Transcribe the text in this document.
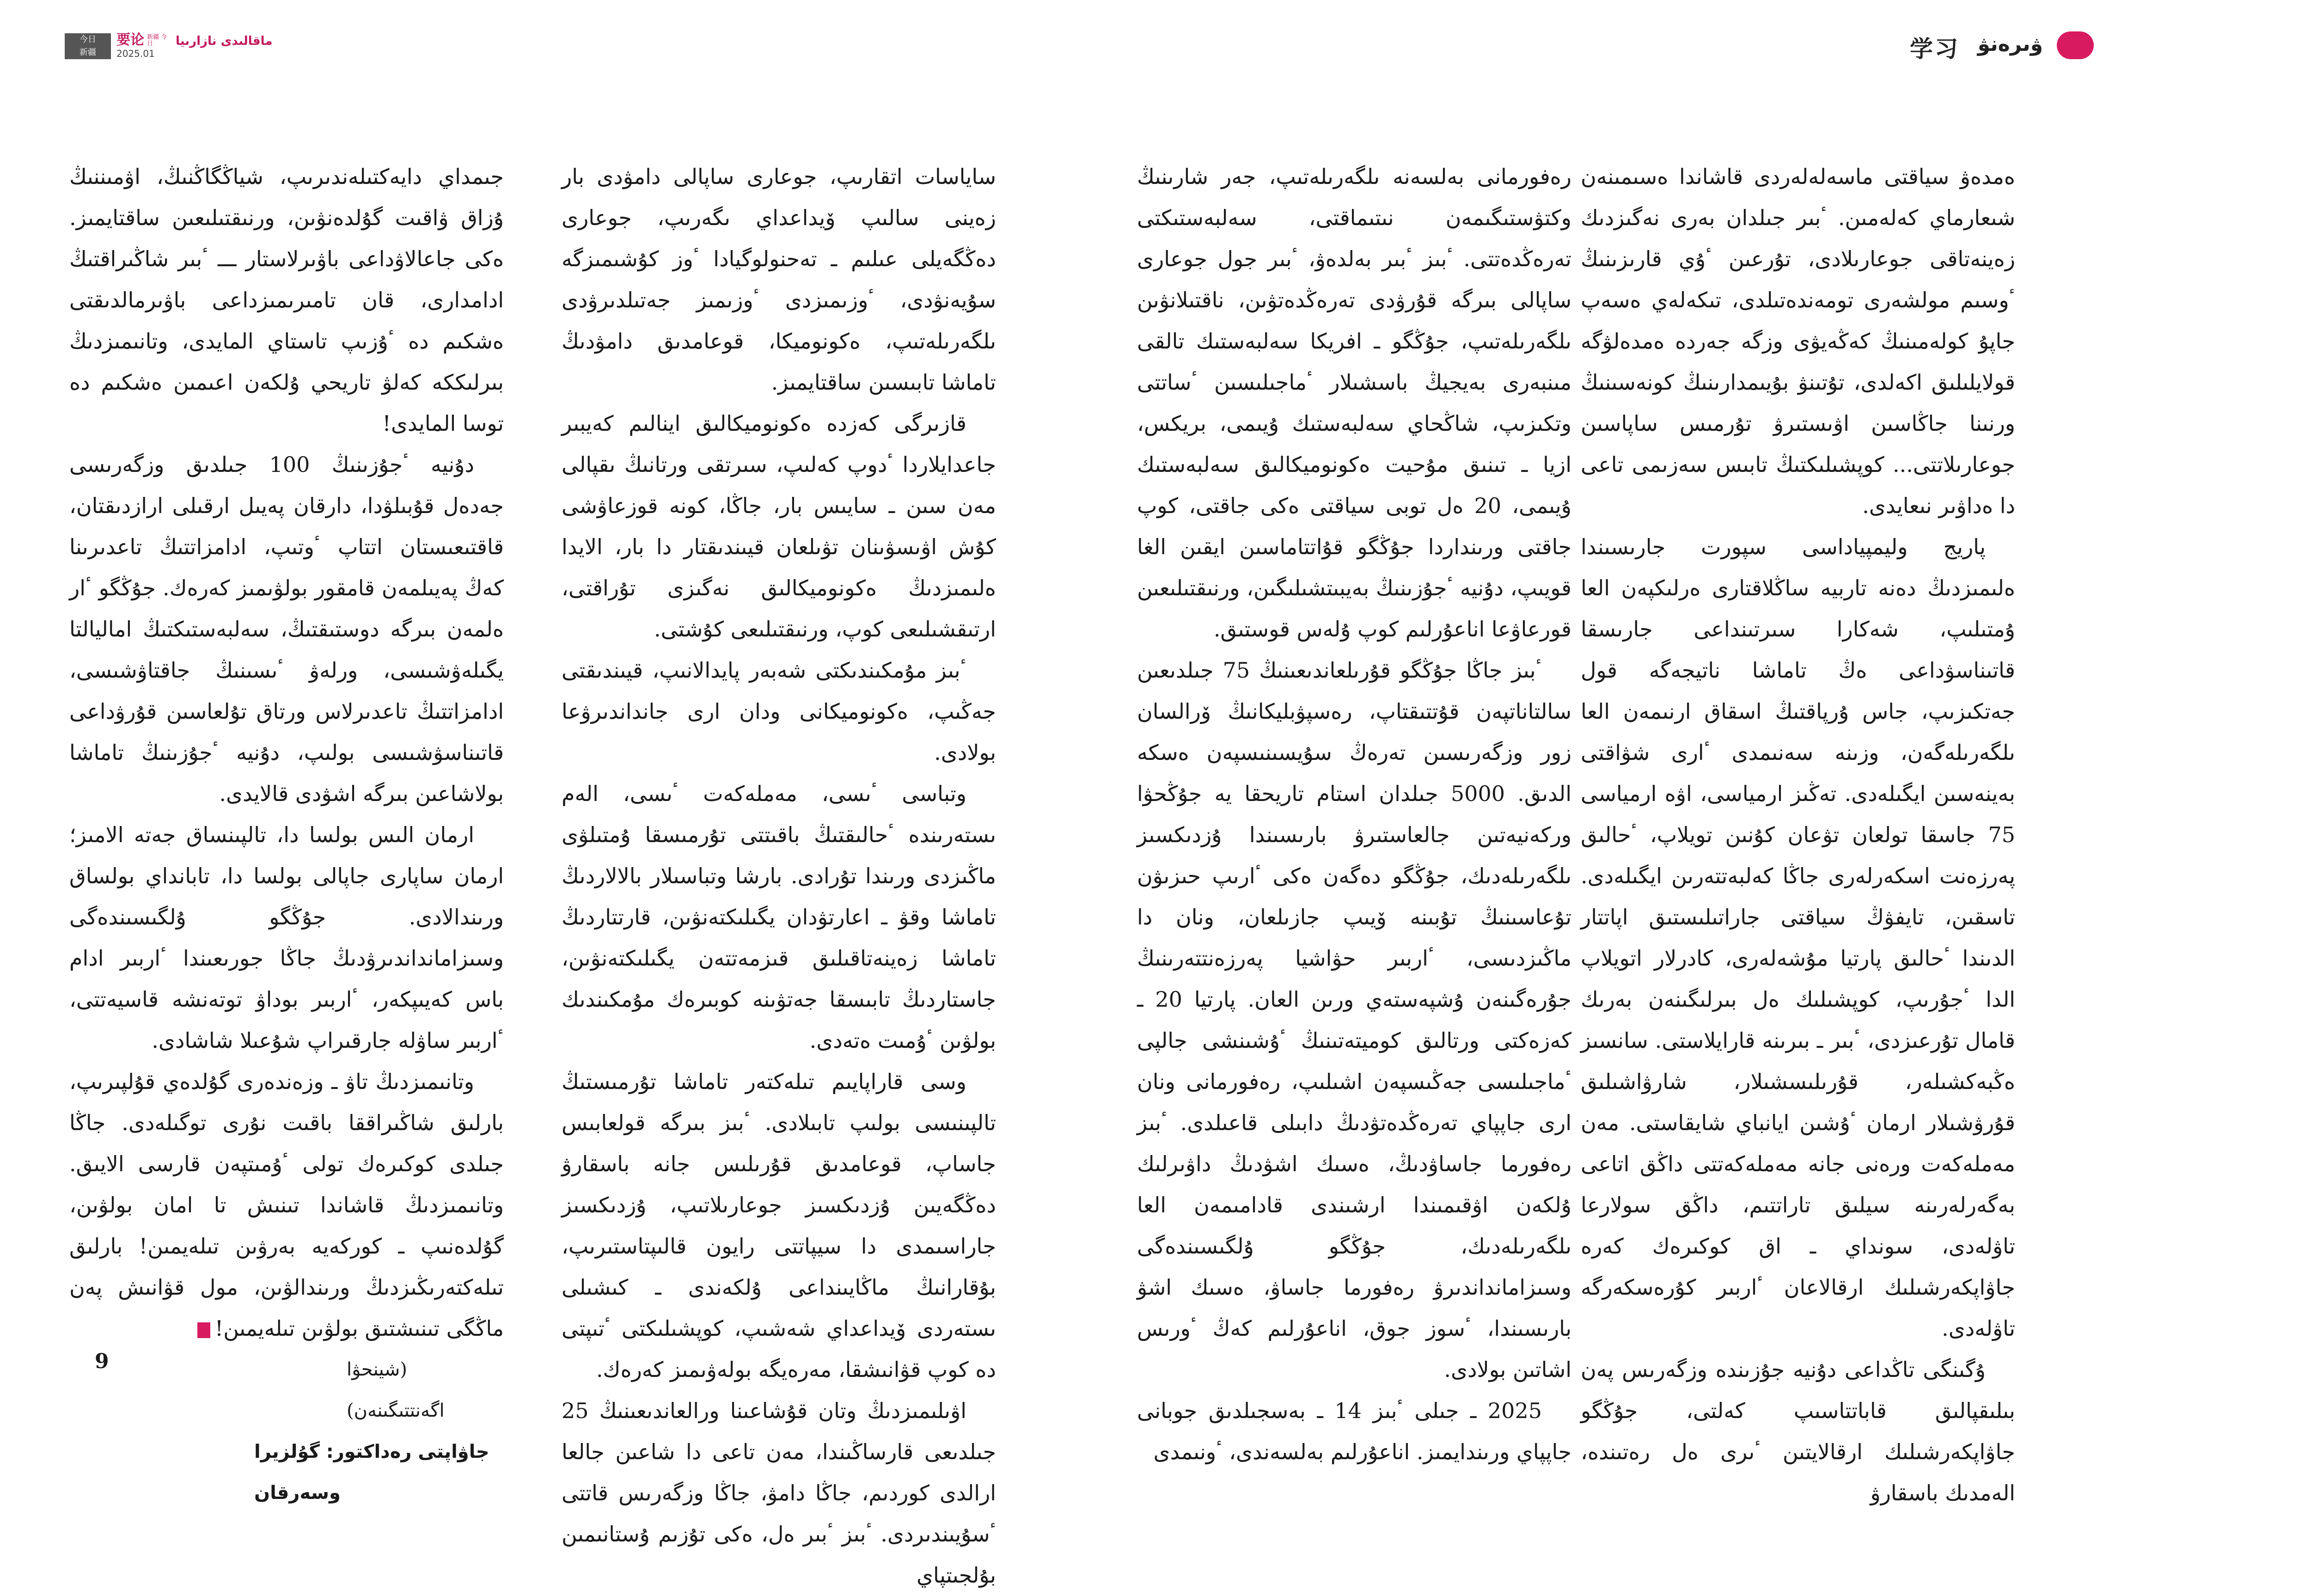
今日
新疆
要论 新疆 今日
2025.01
ماقالىدى نازارىيا

جىمداي دايەكتىلەندىرىپ، شياڭگاڭنىڭ، اۋمىننىڭ ۇزاق ۋاقىت گۇلدەنۋىن، ورنىقتىلىعىن ساقتايمىز. ەكى جاعالاۋداعى باۋىرلاستار ـــ ٴبىر شاڭىراقتىڭ ادامدارى، قان تامىرىمىزداعى باۋىرمالدىقتى ەشكىم دە ٴۇزىپ تاستاي المايدى، وتانىمىزدىڭ بىرلىككە كەلۋ تاريحي ۇلكەن اعىمىن ەشكىم دە توسا المايدى!

دۇنيە ٴجۇزىنىڭ 100 جىلدىق وزگەرىسى جەدەل قۇبىلۋدا، دارقان پەيىل ارقىلى ارازدىقتان، قاقتىعىستان اتتاپ ٴوتىپ، ادامزاتتىڭ تاعدىرىنا كەڭ پەيىلمەن قامقور بولۋىمىز كەرەك. جۇڭگو ٴار ەلمەن بىرگە دوستىقتىڭ، سەلبەستىكتىڭ اماليالتا يگىلەۋشىسى، ورلەۋ ٴىسىنىڭ جاقتاۋشىسى، ادامزاتتىڭ تاعدىرلاس ورتاق تۇلعاسىن قۇرۋداعى قاتىناسۋشىسى بولىپ، دۇنيە ٴجۇزىنىڭ تاماشا بولاشاعىن بىرگە اشۋدى قالايدى.

ارمان الىس بولسا دا، تالپىنساق جەتە الامىز؛ ارمان ساپارى جاپالى بولسا دا، تابانداي بولساق ورىندالادى. جۇڭگو ۇلگىسىندەگى وسىزامانداندىرۋدىڭ جاڭا جورىعىندا ٴاربىر ادام باس كەيىپكەر، ٴاربىر بوداۋ توتەنشە قاسيەتتى، ٴاربىر ساۋلە جارقىراپ شۇعىلا شاشادى.

وتانىمىزدىڭ تاۋ ـ وزەندەرى گۇلدەي قۇلپىرىپ، بارلىق شاڭىراققا باقىت نۇرى توگىلەدى. جاڭا جىلدى كوكىرەك تولى ٴۇمىتپەن قارسى الايىق. وتانىمىزدىڭ قاشاندا تىنىش تا امان بولۋىن، گۇلدەنىپ ـ كوركەيە بەرۋىن تىلەيمىن! بارلىق تىلەكتەرىڭىزدىڭ ورىندالۋىن، مول قۋانىش پەن ماڭگى تىنىشتىق بولۋىن تىلەيمىن!J

(شينحۋا اگەنتتىگىنەن)

جاۋاپتى رەداكتور: گۇلزيرا وسەرقان

ساياسات اتقارىپ، جوعارى ساپالى دامۋدى بار زەينى سالىپ ۆيداعداي ىگەرىپ، جوعارى دەڭگەيلى عىلىم ـ تەحنولوگيادا ٴوز كۇشىمىزگە سۇيەنۋدى، ٴوزىمىزدى ٴوزىمىز جەتىلدىرۋدى ىلگەرىلەتىپ، ەكونوميكا، قوعامدىق دامۋدىڭ تاماشا تابىسىن ساقتايمىز.

قازىرگى كەزدە ەكونوميكالىق اينالىم كەيبىر جاعدايلاردا ٴدوپ كەلىپ، سىرتقى ورتانىڭ ىقپالى مەن سىن ـ سايىس بار، جاڭا، كونە قوزعاۋشى كۇش اۋىسۋىنان تۋىلعان قيىندىقتار دا بار، الايدا ەلىمىزدىڭ ەكونوميكالىق نەگىزى تۇراقتى، ارتىقشىلىعى كوپ، ورنىقتىلىعى كۇشتى.

ٴبىز مۇمكىندىكتى شەبەر پايدالانىپ، قيىندىقتى جەڭىپ، ەكونوميكانى ودان ارى جانداندىرۋعا بولادى.

وتباسى ٴىسى، مەملەكەت ٴىسى، الەم ىستەرىندە ٴحالىقتىڭ باقىتتى تۇرمىسقا ۇمتىلۋى ماڭىزدى ورىندا تۇرادى. بارشا وتباسىلار بالالاردىڭ تاماشا وقۋ ـ اعارتۋدان يگىلىكتەنۋىن، قارتتاردىڭ تاماشا زەينەتاقىلىق قىزمەتتەن يگىلىكتەنۋىن، جاستاردىڭ تابىسقا جەتۋىنە كوبىرەك مۇمكىندىك بولۋىن ٴۇمىت ەتەدى.

وسى قاراپايىم تىلەكتەر تاماشا تۇرمىستىڭ تالپىنىسى بولىپ تابىلادى. ٴبىز بىرگە قولعابىس جاساپ، قوعامدىق قۇرىلىس جانە باسقارۋ دەڭگەيىن ۇزدىكسىز جوعارىلاتىپ، ۇزدىكسىز جاراسىمدى دا سيپاتتى رايون قالىپتاستىرىپ، بۇقارانىڭ ماڭايىنداعى ۇلكەندى ـ كىشىلى ىستەردى ۆيداعداي شەشىپ، كوپشىلىكتى ٴتىپتى دە كوپ قۋانىشقا، مەرەيگە بولەۋىمىز كەرەك.

اۋىلىمىزدىڭ وتان قۇشاعىنا ورالعاندىعىنىڭ 25 جىلدىعى قارساڭىندا، مەن تاعى دا شاعىن جالعا ارالدى كوردىم، جاڭا دامۋ، جاڭا وزگەرىس قاتتى ٴسۇيىندىردى. ٴبىز ٴبىر ەل، ەكى تۇزىم ۇستانىمىن بۇلجىتپاي

9
学习 ۋىرەنۋ

رەفورمانى بەلسەنە ىلگەرىلەتىپ، جەر شارىنىڭ وكتۋستىگىمەن نىتىماقتى، سەلبەستىكتى تەرەڭدەتتى. ٴبىز ٴبىر بەلدەۋ، ٴبىر جول جوعارى ساپالى بىرگە قۇرۋدى تەرەڭدەتۋىن، ناقتىلانۋىن ىلگەرىلەتىپ، جۇڭگو ـ افريكا سەلبەستىك تالقى مىنبەرى بەيجيڭ باسشىلار ٴماجىلىسىن ٴساتتى وتكىزىپ، شاڭحاي سەلبەستىك ۇيىمى، بريكس، ازيا ـ تىنىق مۇحيت ەكونوميكالىق سەلبەستىك ۇيىمى، 20 ەل توبى سياقتى ەكى جاقتى، كوپ جاقتى ورىنداردا جۇڭگو قۇاتتاماسىن ايقىن الغا قويىپ، دۇنيە ٴجۇزىنىڭ بەيبىتشىلىگىن، ورنىقتىلىعىن قورعاۋعا اناعۇرلىم كوپ ۇلەس قوستىق.

ٴبىز جاڭا جۇڭگو قۇرىلعاندىعىنىڭ 75 جىلدىعىن سالتاناتپەن قۇتتىقتاپ، رەسپۋبليكانىڭ ۆرالسان زور وزگەرىسىن تەرەڭ سۇيسىنىسپەن ەسكە الدىق. 5000 جىلدان استام تاريحقا يە جۇڭحۋا وركەنيەتىن جالعاستىرۋ بارىسىندا ۇزدىكسىز ىلگەرىلەدىك، جۇڭگو دەگەن ەكى ٴارىپ حىزىۋن تۇعاسىنىڭ تۇبىنە ۆيىپ جازىلعان، ونان دا ماڭىزدىسى، ٴاربىر حۋاشيا پەرزەنتتەرىنىڭ جۇرەگىنەن ۇشپەستەي ورىن العان. پارتيا 20 ـ كەزەكتى ورتالىق كوميتەتىنىڭ ٴۇشىنشى جالپى ٴماجىلىسى جەڭىسپەن اشىلىپ، رەفورمانى ونان ارى جاپپاي تەرەڭدەتۋدىڭ دابىلى قاعىلدى. ٴبىز رەفورما جاساۋدىڭ، ەسىك اشۋدىڭ داۋىرلىك ۇلكەن اۋقىمىندا ارشىندى قادامىمەن العا ىلگەرىلەدىك، جۇڭگو ۇلگىسىندەگى وسىزامانداندىرۋ رەفورما جاساۋ، ەسىك اشۋ بارىسىندا، ٴسوز جوق، اناعۇرلىم كەڭ ٴورىس اشاتىن بولادى.

2025 ـ جىلى ٴبىز 14 ـ بەسجىلدىق جوبانى جاپپاي ورىندايمىز. اناعۇرلىم بەلسەندى، ٴونىمدى

ەمدەۋ سياقتى ماسەلەلەردى قاشاندا ەسىمىنەن شىعارماي كەلەمىن. ٴبىر جىلدان بەرى نەگىزدىك زەينەتاقى جوعارىلادى، تۇرعىن ٴۇي قارىزىنىڭ ٴوسىم مولشەرى تومەندەتىلدى، تىكەلەي ەسەپ جاپۇ كولەمىنىڭ كەڭەيۋى وزگە جەردە ەمدەلۋگە قولايلىلىق اكەلدى، تۇتىنۋ بۇيىمدارىنىڭ كونەسىنىڭ ورنىنا جاڭاسىن اۋىستىرۋ تۇرمىس ساپاسىن جوعارىلاتتى... كوپشىلىكتىڭ تابىس سەزىمى تاعى دا ەداۋىر نىعايدى.

پاريج وليمپياداسى سپورت جارىسىندا ەلىمىزدىڭ دەنە تاربيە ساڭلاقتارى ەرلىكپەن العا ۇمتىلىپ، شەكارا سىرتىنداعى جارىسقا قاتىناسۋداعى ەڭ تاماشا ناتيجەگە قول جەتكىزىپ، جاس ۇرپاقتىڭ اسقاق ارنىمەن العا ىلگەرىلەگەن، وزىنە سەنىمدى ٴارى شۋاقتى بەينەسىن ايگىلەدى. تەڭىز ارمياسى، اۋە ارمياسى 75 جاسقا تولعان تۋعان كۇنىن تويلاپ، ٴحالىق پەرزەنت اسكەرلەرى جاڭا كەلبەتتەرىن ايگىلەدى. تاسقىن، تايفۋڭ سياقتى جاراتىلىستىق اپاتتار الدىندا ٴحالىق پارتيا مۇشەلەرى، كادرلار اتويلاپ الدا ٴجۇرىپ، كوپشىلىك ەل بىرلىگىنەن بەرىك قامال تۇرعىزدى، ٴبىر ـ بىرىنە قارايلاستى. سانسىز ەڭبەكشىلەر، قۇرىلىسشىلار، شارۋاشىلىق قۇرۋشىلار ارمان ٴۇشىن ايانباي شايقاستى. مەن مەملەكەت ورەنى جانە مەملەكەتتى داڭق اتاعى بەگەرلەرىنە سيلىق تاراتتىم، داڭق سولارعا تاۋلەدى، سونداي ـ اق كوكىرەك كەرە جاۋاپكەرشىلىك ارقالاعان ٴاربىر كۇرەسكەرگە تاۋلەدى.

ۇگىنگى تاڭداعى دۇنيە جۇزىندە وزگەرىس پەن بىلىقپالىق قاباتتاسىپ كەلتى، جۇڭگو جاۋاپكەرشىلىك ارقالايتىن ٴىرى ەل رەتىندە، الەمدىك باسقارۋ
